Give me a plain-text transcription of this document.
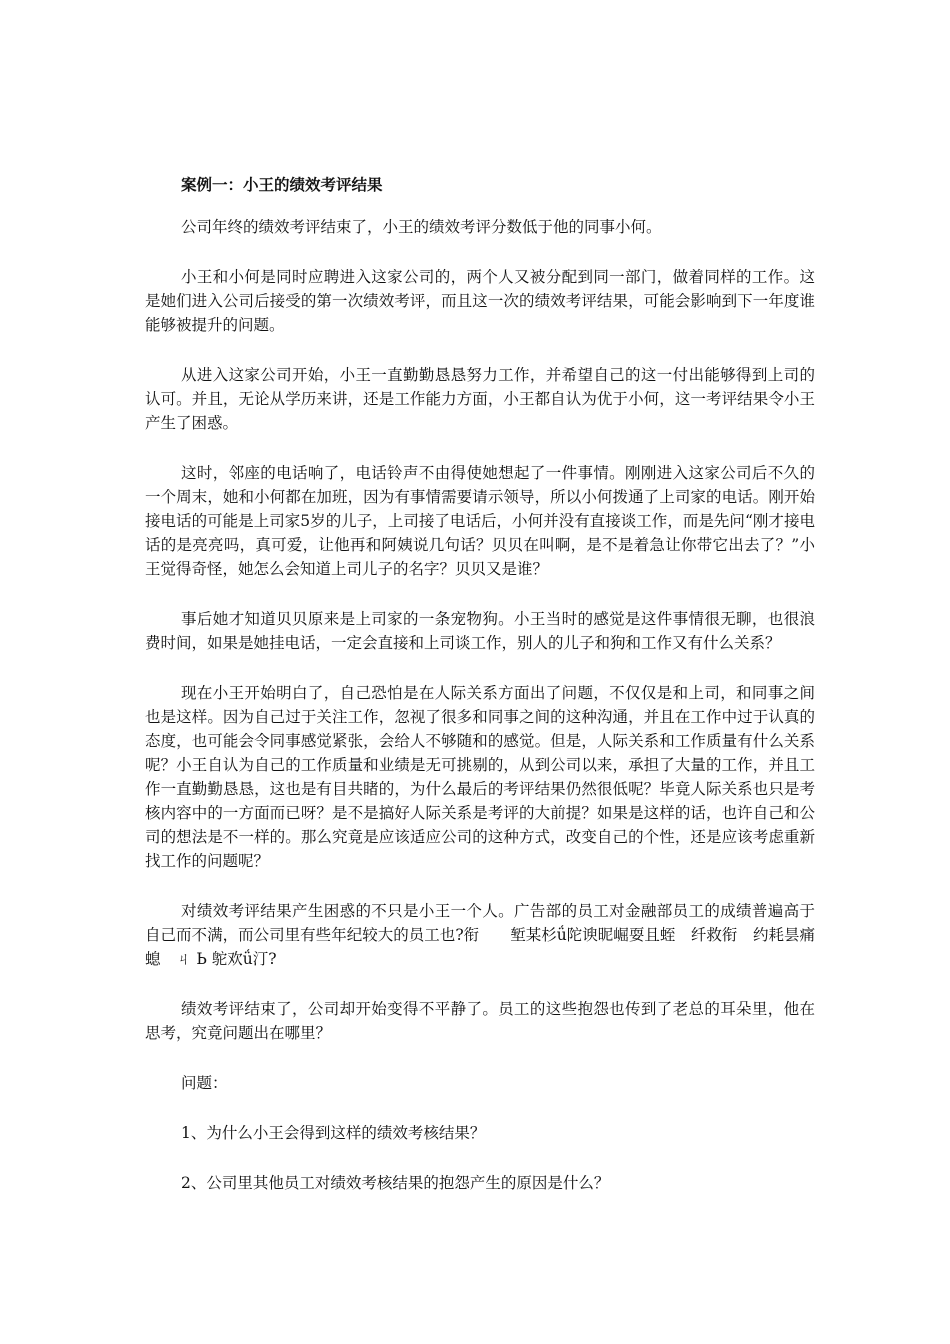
案例一：小王的绩效考评结果

公司年终的绩效考评结束了，小王的绩效考评分数低于他的同事小何。

小王和小何是同时应聘进入这家公司的，两个人又被分配到同一部门，做着同样的工作。这是她们进入公司后接受的第一次绩效考评，而且这一次的绩效考评结果，可能会影响到下一年度谁能够被提升的问题。

从进入这家公司开始，小王一直勤勤恳恳努力工作，并希望自己的这一付出能够得到上司的认可。并且，无论从学历来讲，还是工作能力方面，小王都自认为优于小何，这一考评结果令小王产生了困惑。

这时，邻座的电话响了，电话铃声不由得使她想起了一件事情。刚刚进入这家公司后不久的一个周末，她和小何都在加班，因为有事情需要请示领导，所以小何拨通了上司家的电话。刚开始接电话的可能是上司家5岁的儿子，上司接了电话后，小何并没有直接谈工作，而是先问“刚才接电话的是亮亮吗，真可爱，让他再和阿姨说几句话？贝贝在叫啊，是不是着急让你带它出去了？”小王觉得奇怪，她怎么会知道上司儿子的名字？贝贝又是谁？

事后她才知道贝贝原来是上司家的一条宠物狗。小王当时的感觉是这件事情很无聊，也很浪费时间，如果是她挂电话，一定会直接和上司谈工作，别人的儿子和狗和工作又有什么关系？

现在小王开始明白了，自己恐怕是在人际关系方面出了问题，不仅仅是和上司，和同事之间也是这样。因为自己过于关注工作，忽视了很多和同事之间的这种沟通，并且在工作中过于认真的态度，也可能会令同事感觉紧张，会给人不够随和的感觉。但是，人际关系和工作质量有什么关系呢？小王自认为自己的工作质量和业绩是无可挑剔的，从到公司以来，承担了大量的工作，并且工作一直勤勤恳恳，这也是有目共睹的，为什么最后的考评结果仍然很低呢？毕竟人际关系也只是考核内容中的一方面而已呀？是不是搞好人际关系是考评的大前提？如果是这样的话，也许自己和公司的想法是不一样的。那么究竟是应该适应公司的这种方式，改变自己的个性，还是应该考虑重新找工作的问题呢？

对绩效考评结果产生困惑的不只是小王一个人。广告部的员工对金融部员工的成绩普遍高于自己而不满，而公司里有些年纪较大的员工也?衔　　堑某杉ǘ陀谀昵崛耍且蛭　纤救衔　约耗昙痛螅　ㄐ Ь 鸵欢ǘ汀?

绩效考评结束了，公司却开始变得不平静了。员工的这些抱怨也传到了老总的耳朵里，他在思考，究竟问题出在哪里？

问题：

1、为什么小王会得到这样的绩效考核结果？

2、公司里其他员工对绩效考核结果的抱怨产生的原因是什么？
